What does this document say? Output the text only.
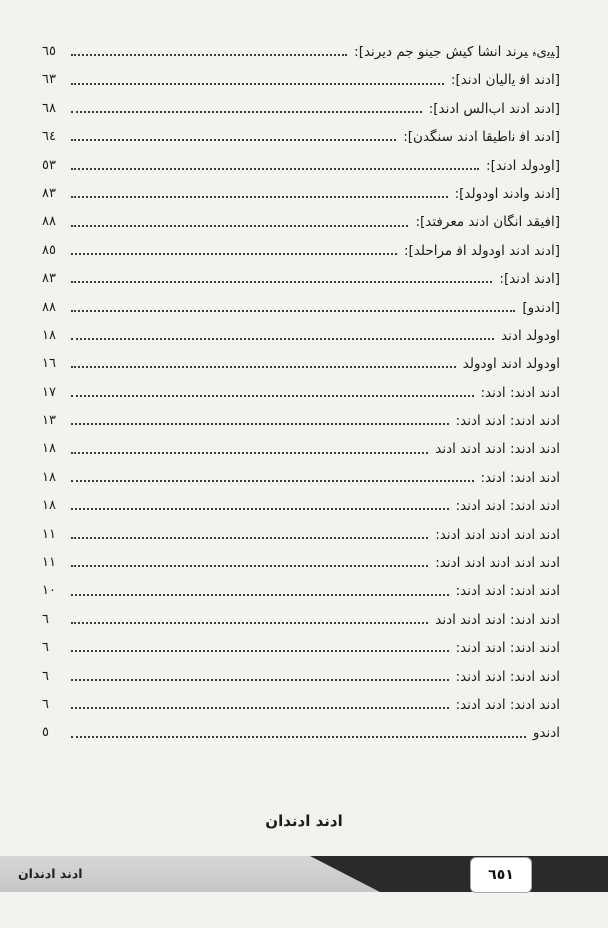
[ﯿﯾﯼﮦ ﯿﺮﻧﺪ ﺍﻧﺸﺎ ﮐﯿﺶ ﺟﻴﻨﻮ ﺟﻢ ﺩﯾﺮﻧﺪ]:
٦٥
[ﺍﺩﻧﺪ ﺍﻓ ﯾﺍﻟﯿﺎﻥ ﺍﺩﻧﺪ]:
٦٣
[ﺍﺩﻧﺪ ﺍﺩﻧﺪ ﺍﺏﺍﻟﺲ ﺍﺩﻧﺪ]:
٦٨
[ﺍﺩﻧﺪ ﺍﻓ ﻧﺍﻃﻴﻘﺎ ﺍﺩﻧﺪ ﺳﻨﮕﺪﻥ]:
٦٤
[ﺍﻭﺩﻭﻟﺪ ﺍﺩﻧﺪ]:
٥٣
[ﺍﺩﻧﺪ ﻭﺍﺩﻧﺪ ﺍﻭﺩﻭﻟﺪ]:
٨٣
[ﺍﻓﻴﻘﺪ ﺍﻧﮕﺎﻥ ﺍﺩﻧﺪ ﻣﻌﺮﻓﺘﺪ]:
٨٨
[ﺍﺩﻧﺪ ﺍﺩﻧﺪ ﺍﻭﺩﻭﻟﺪ ﺍﻓ ﻣﺮﺍﺣﻠﺪ]:
٨٥
[ﺍﺩﻧﺪ ﺍﺩﻧﺪ]:
٨٣
[ﺍﺩﻧﺪﻭ]
٨٨
ﺍﻭﺩﻭﻟﺪ ﺍﺩﻧﺪ
١٨
ﺍﻭﺩﻭﻟﺪ ﺍﺩﻧﺪ ﺍﻭﺩﻭﻟﺪ
١٦
ﺍﺩﻧﺪ ﺍﺩﻧﺪ: ﺍﺩﻧﺪ:
١٧
ﺍﺩﻧﺪ ﺍﺩﻧﺪ: ﺍﺩﻧﺪ ﺍﺩﻧﺪ:
١٣
ﺍﺩﻧﺪ ﺍﺩﻧﺪ: ﺍﺩﻧﺪ ﺍﺩﻧﺪ ﺍﺩﻧﺪ
١٨
ﺍﺩﻧﺪ ﺍﺩﻧﺪ: ﺍﺩﻧﺪ:
١٨
ﺍﺩﻧﺪ ﺍﺩﻧﺪ: ﺍﺩﻧﺪ ﺍﺩﻧﺪ:
١٨
ﺍﺩﻧﺪ ﺍﺩﻧﺪ ﺍﺩﻧﺪ ﺍﺩﻧﺪ ﺍﺩﻧﺪ:
١١
ﺍﺩﻧﺪ ﺍﺩﻧﺪ ﺍﺩﻧﺪ ﺍﺩﻧﺪ ﺍﺩﻧﺪ:
١١
ﺍﺩﻧﺪ ﺍﺩﻧﺪ: ﺍﺩﻧﺪ ﺍﺩﻧﺪ:
١٠
ﺍﺩﻧﺪ ﺍﺩﻧﺪ: ﺍﺩﻧﺪ ﺍﺩﻧﺪ ﺍﺩﻧﺪ
٦
ﺍﺩﻧﺪ ﺍﺩﻧﺪ: ﺍﺩﻧﺪ ﺍﺩﻧﺪ:
٦
ﺍﺩﻧﺪ ﺍﺩﻧﺪ: ﺍﺩﻧﺪ ﺍﺩﻧﺪ:
٦
ﺍﺩﻧﺪ ﺍﺩﻧﺪ: ﺍﺩﻧﺪ ﺍﺩﻧﺪ:
٦
ﺍﺩﻧﺪﻭ
٥
ﺍﺩﻧﺪ ﺍﺩﻧﺪﺍﻥ
ﺍﺩﻧﺪ ﺍﺩﻧﺪﺍﻥ	٦٥١
